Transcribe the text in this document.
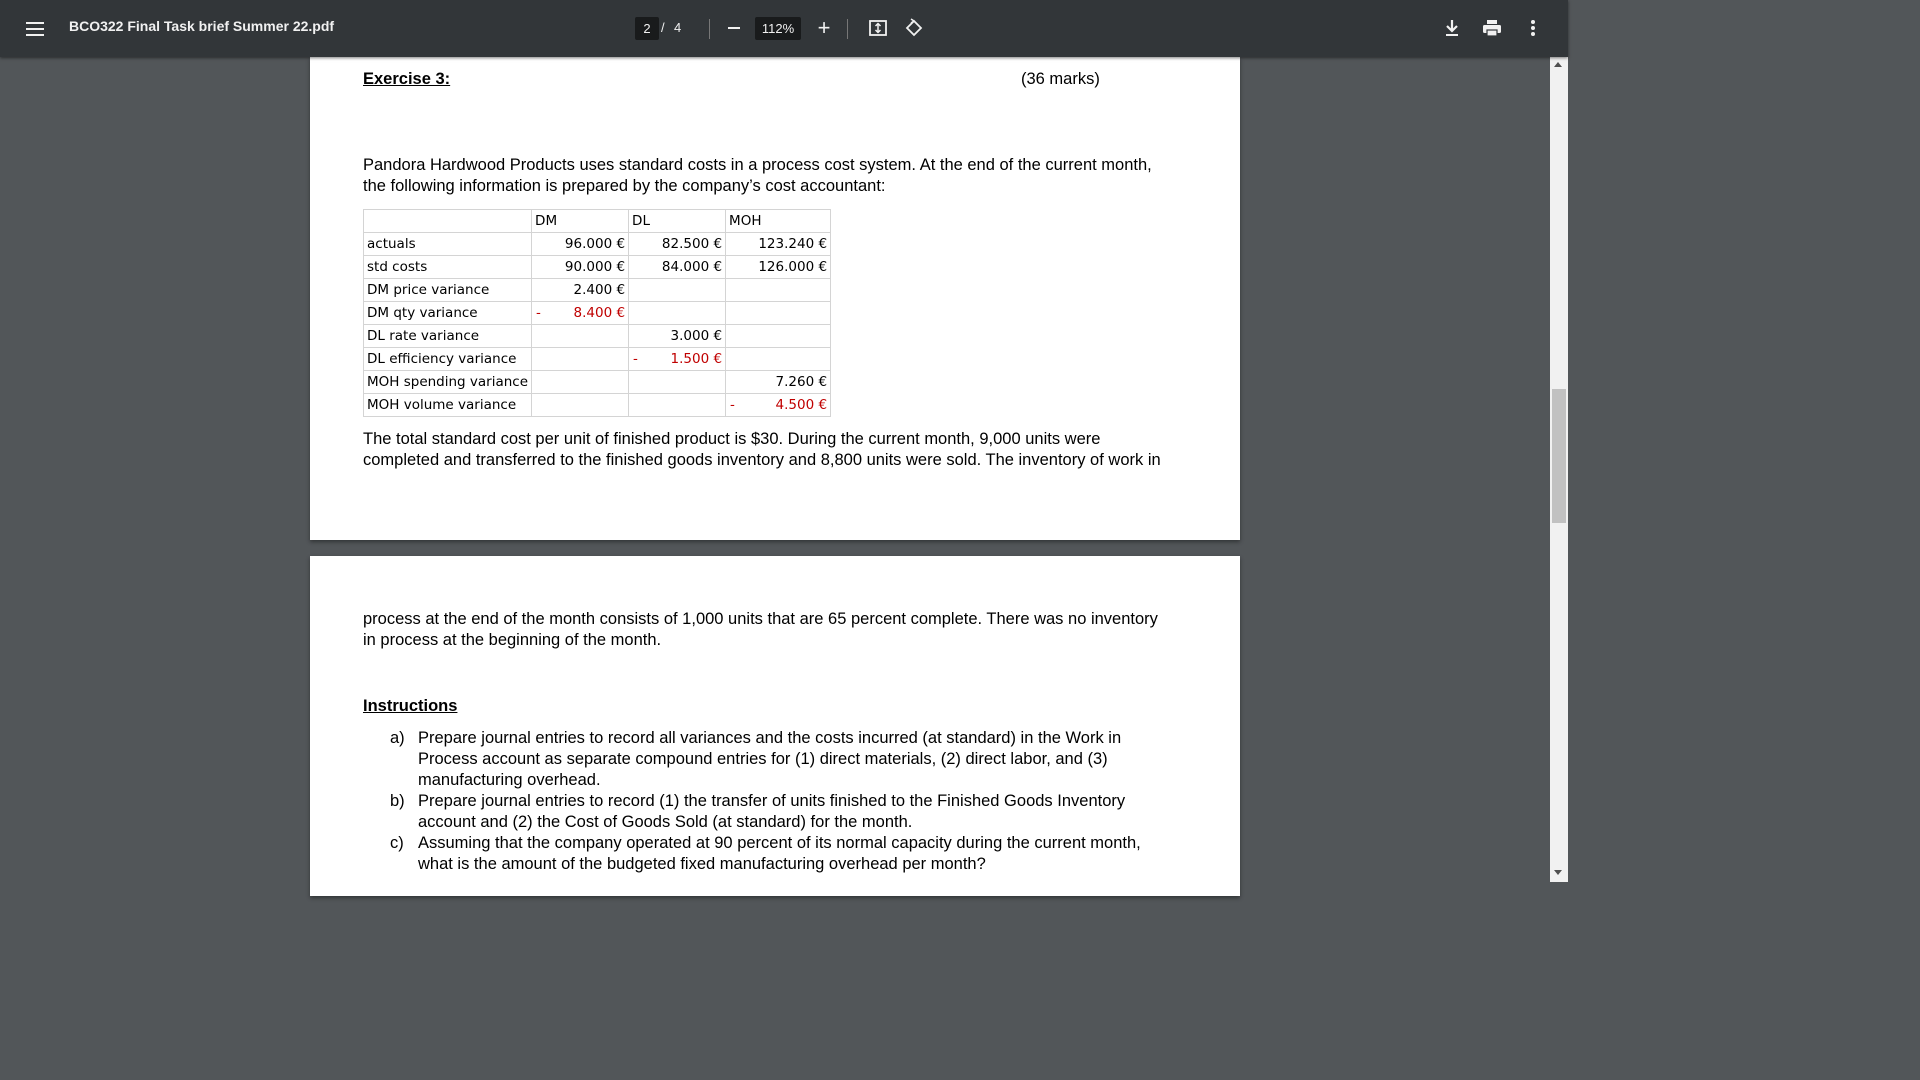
BCO322 Final Task brief Summer 22.pdf	2 / 4	112%	+
Exercise 3:	(36 marks)
Pandora Hardwood Products uses standard costs in a process cost system. At the end of the current month,
the following information is prepared by the company’s cost accountant:
	DM	DL	MOH
actuals	96.000 €	82.500 €	123.240 €
std costs	90.000 €	84.000 €	126.000 €
DM price variance	2.400 €		
DM qty variance	- 8.400 €		
DL rate variance		3.000 €	
DL efficiency variance		- 1.500 €	
MOH spending variance			7.260 €
MOH volume variance			- 4.500 €
The total standard cost per unit of finished product is $30. During the current month, 9,000 units were
completed and transferred to the finished goods inventory and 8,800 units were sold. The inventory of work in
process at the end of the month consists of 1,000 units that are 65 percent complete. There was no inventory
in process at the beginning of the month.
Instructions
a) Prepare journal entries to record all variances and the costs incurred (at standard) in the Work in
Process account as separate compound entries for (1) direct materials, (2) direct labor, and (3)
manufacturing overhead.
b) Prepare journal entries to record (1) the transfer of units finished to the Finished Goods Inventory
account and (2) the Cost of Goods Sold (at standard) for the month.
c) Assuming that the company operated at 90 percent of its normal capacity during the current month,
what is the amount of the budgeted fixed manufacturing overhead per month?
